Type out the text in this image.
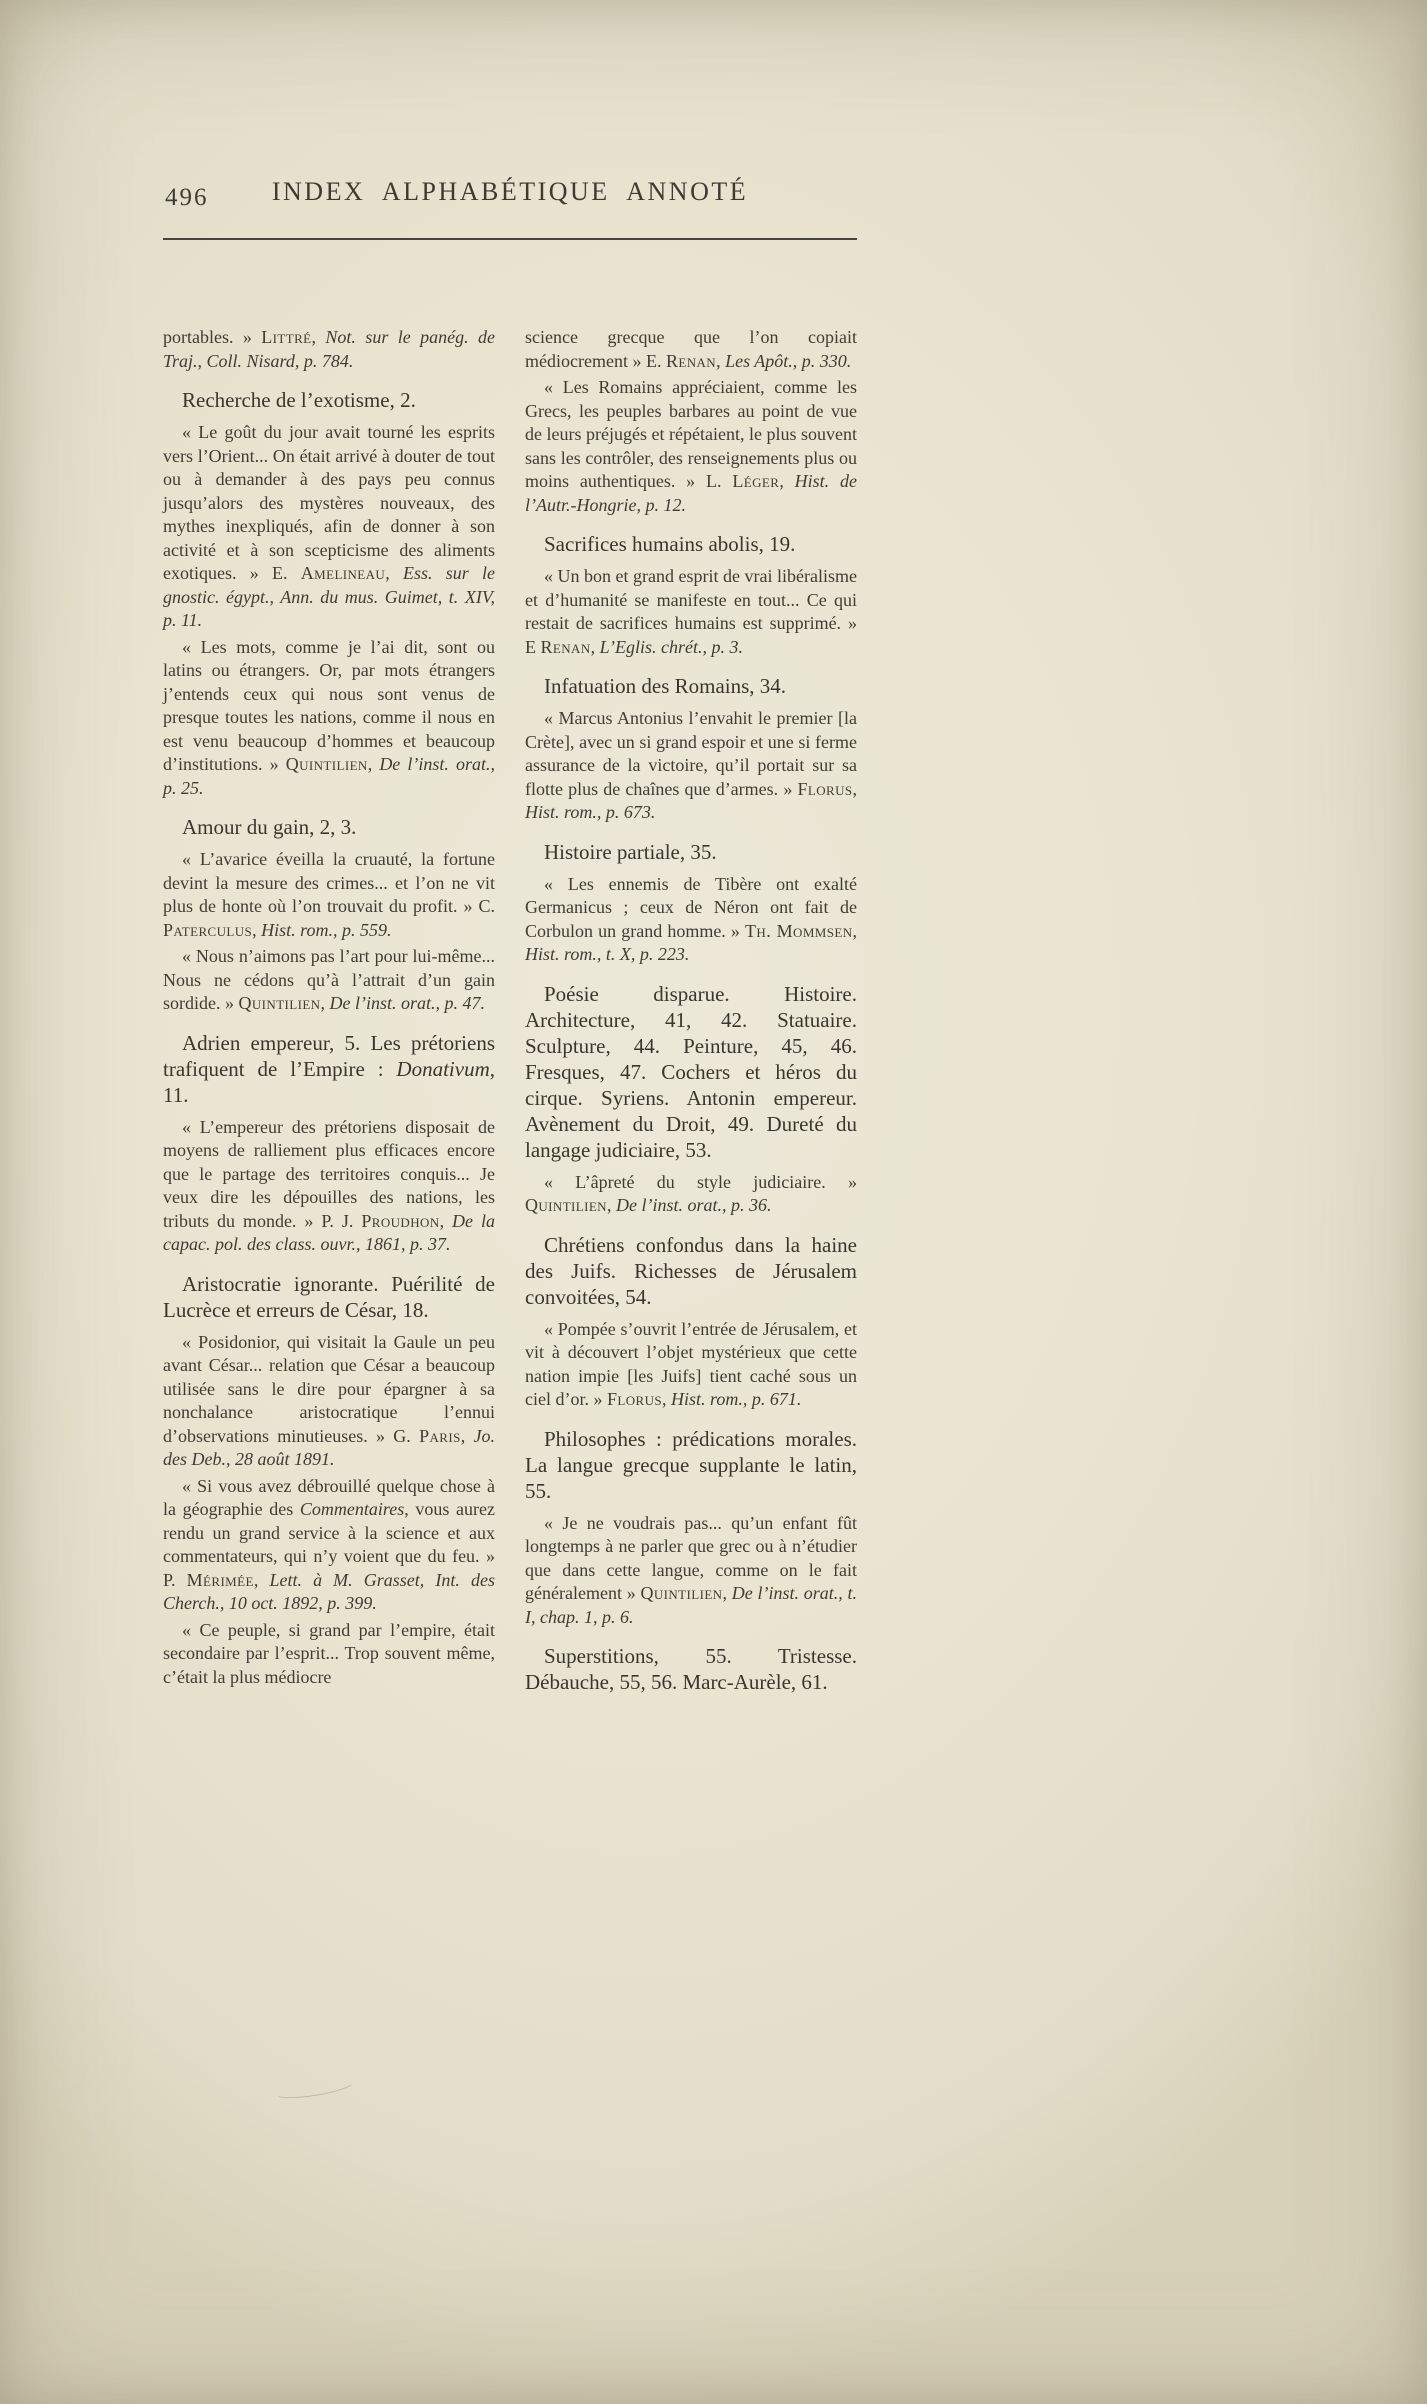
496	INDEX ALPHABÉTIQUE ANNOTÉ
portables. » Littré, Not. sur le panég. de Traj., Coll. Nisard, p. 784.
Recherche de l’exotisme, 2.
« Le goût du jour avait tourné les esprits vers l’Orient... On était arrivé à douter de tout ou à demander à des pays peu connus jusqu’alors des mystères nouveaux, des mythes inexpliqués, afin de donner à son activité et à son scepticisme des aliments exotiques. » E. Amelineau, Ess. sur le gnostic. égypt., Ann. du mus. Guimet, t. XIV, p. 11.
« Les mots, comme je l’ai dit, sont ou latins ou étrangers. Or, par mots étrangers j’entends ceux qui nous sont venus de presque toutes les nations, comme il nous en est venu beaucoup d’hommes et beaucoup d’institutions. » Quintilien, De l’inst. orat., p. 25.
Amour du gain, 2, 3.
« L’avarice éveilla la cruauté, la fortune devint la mesure des crimes... et l’on ne vit plus de honte où l’on trouvait du profit. » C. Paterculus, Hist. rom., p. 559.
« Nous n’aimons pas l’art pour lui-même... Nous ne cédons qu’à l’attrait d’un gain sordide. » Quintilien, De l’inst. orat., p. 47.
Adrien empereur, 5. Les prétoriens trafiquent de l’Empire : Donativum, 11.
« L’empereur des prétoriens disposait de moyens de ralliement plus efficaces encore que le partage des territoires conquis... Je veux dire les dépouilles des nations, les tributs du monde. » P. J. Proudhon, De la capac. pol. des class. ouvr., 1861, p. 37.
Aristocratie ignorante. Puérilité de Lucrèce et erreurs de César, 18.
« Posidonior, qui visitait la Gaule un peu avant César... relation que César a beaucoup utilisée sans le dire pour épargner à sa nonchalance aristocratique l’ennui d’observations minutieuses. » G. Paris, Jo. des Deb., 28 août 1891.
« Si vous avez débrouillé quelque chose à la géographie des Commentaires, vous aurez rendu un grand service à la science et aux commentateurs, qui n’y voient que du feu. » P. Mérimée, Lett. à M. Grasset, Int. des Cherch., 10 oct. 1892, p. 399.
« Ce peuple, si grand par l’empire, était secondaire par l’esprit... Trop souvent même, c’était la plus médiocre
science grecque que l’on copiait médiocrement » E. Renan, Les Apôt., p. 330.
« Les Romains appréciaient, comme les Grecs, les peuples barbares au point de vue de leurs préjugés et répétaient, le plus souvent sans les contrôler, des renseignements plus ou moins authentiques. » L. Léger, Hist. de l’Autr.-Hongrie, p. 12.
Sacrifices humains abolis, 19.
« Un bon et grand esprit de vrai libéralisme et d’humanité se manifeste en tout... Ce qui restait de sacrifices humains est supprimé. » E Renan, L’Eglis. chrét., p. 3.
Infatuation des Romains, 34.
« Marcus Antonius l’envahit le premier [la Crète], avec un si grand espoir et une si ferme assurance de la victoire, qu’il portait sur sa flotte plus de chaînes que d’armes. » Florus, Hist. rom., p. 673.
Histoire partiale, 35.
« Les ennemis de Tibère ont exalté Germanicus ; ceux de Néron ont fait de Corbulon un grand homme. » Th. Mommsen, Hist. rom., t. X, p. 223.
Poésie disparue. Histoire. Architecture, 41, 42. Statuaire. Sculpture, 44. Peinture, 45, 46. Fresques, 47. Cochers et héros du cirque. Syriens. Antonin empereur. Avènement du Droit, 49. Dureté du langage judiciaire, 53.
« L’âpreté du style judiciaire. » Quintilien, De l’inst. orat., p. 36.
Chrétiens confondus dans la haine des Juifs. Richesses de Jérusalem convoitées, 54.
« Pompée s’ouvrit l’entrée de Jérusalem, et vit à découvert l’objet mystérieux que cette nation impie [les Juifs] tient caché sous un ciel d’or. » Florus, Hist. rom., p. 671.
Philosophes : prédications morales. La langue grecque supplante le latin, 55.
« Je ne voudrais pas... qu’un enfant fût longtemps à ne parler que grec ou à n’étudier que dans cette langue, comme on le fait généralement » Quintilien, De l’inst. orat., t. I, chap. 1, p. 6.
Superstitions, 55. Tristesse. Débauche, 55, 56. Marc-Aurèle, 61.
